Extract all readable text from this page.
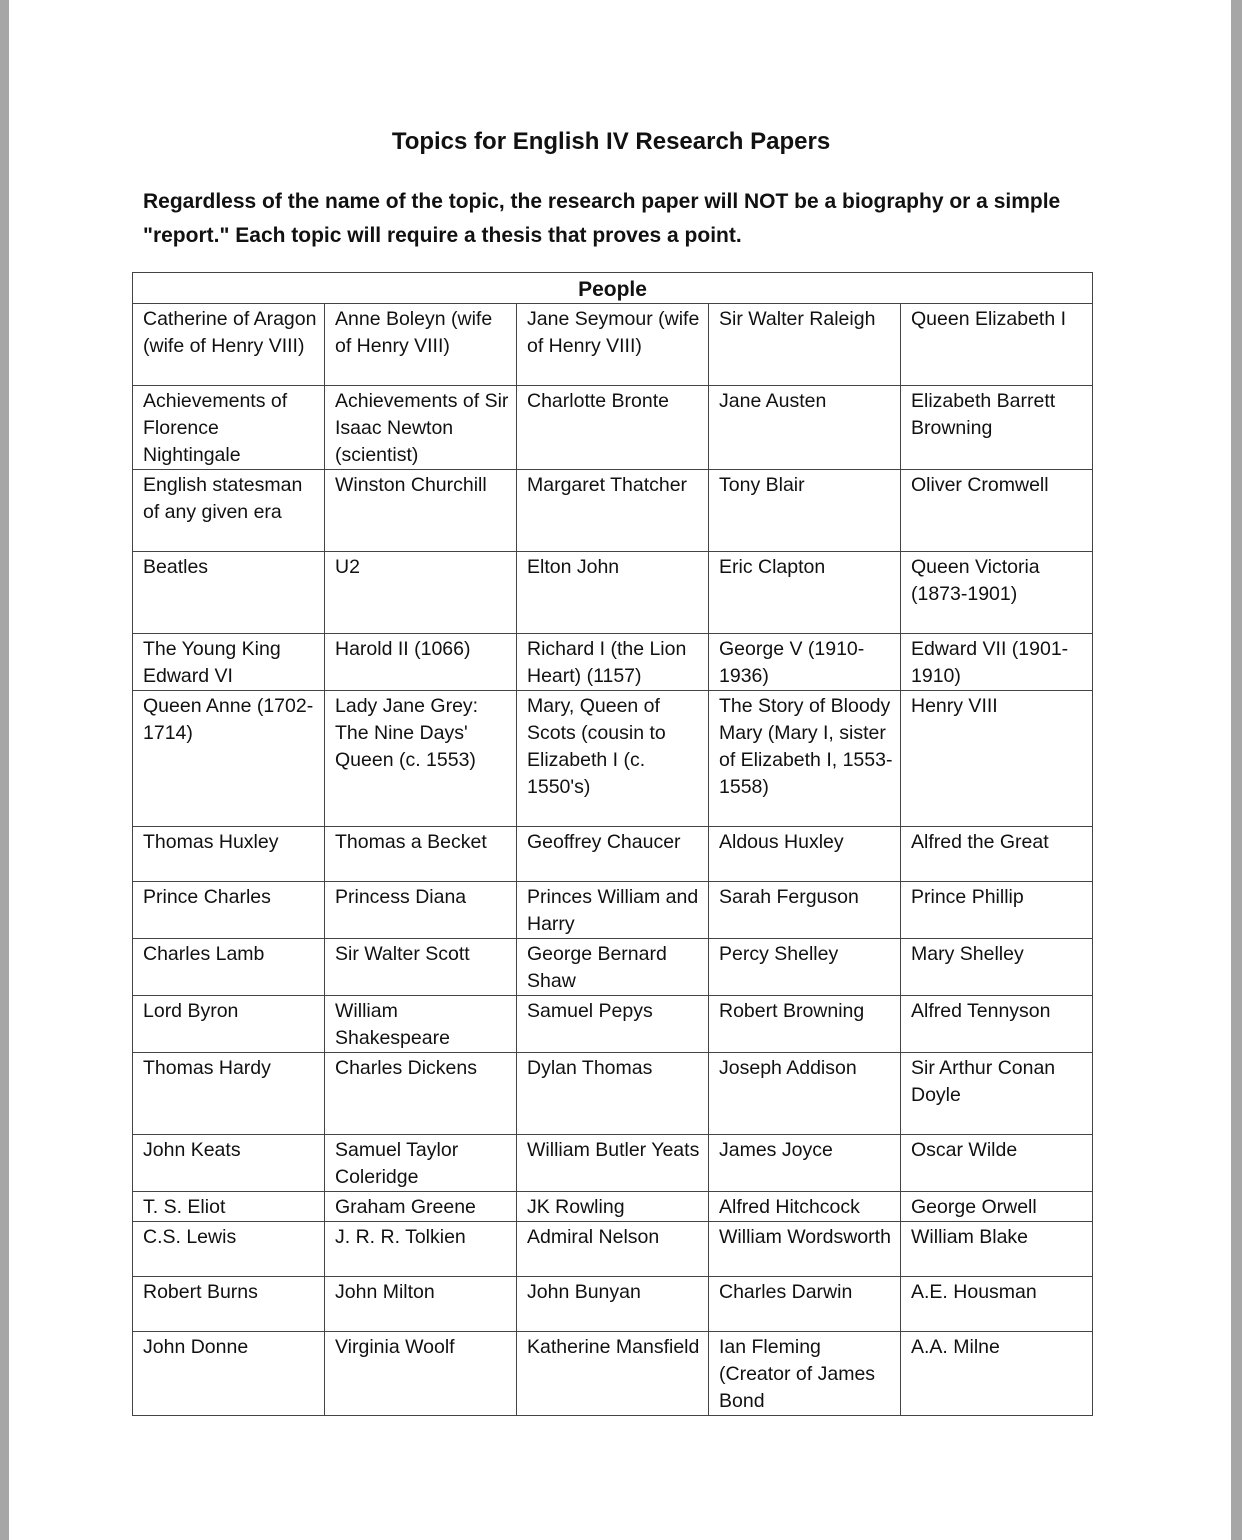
Topics for English IV Research Papers
Regardless of the name of the topic, the research paper will NOT be a biography or a simple "report." Each topic will require a thesis that proves a point.
People				
Catherine of Aragon (wife of Henry VIII)	Anne Boleyn (wife of Henry VIII)	Jane Seymour (wife of Henry VIII)	Sir Walter Raleigh	Queen Elizabeth I
Achievements of Florence Nightingale	Achievements of Sir Isaac Newton (scientist)	Charlotte Bronte	Jane Austen	Elizabeth Barrett Browning
English statesman of any given era	Winston Churchill	Margaret Thatcher	Tony Blair	Oliver Cromwell
Beatles	U2	Elton John	Eric Clapton	Queen Victoria (1873-1901)
The Young King Edward VI	Harold II (1066)	Richard I (the Lion Heart) (1157)	George V (1910-1936)	Edward VII (1901-1910)
Queen Anne (1702-1714)	Lady Jane Grey: The Nine Days' Queen (c. 1553)	Mary, Queen of Scots (cousin to Elizabeth I (c. 1550's)	The Story of Bloody Mary (Mary I, sister of Elizabeth I, 1553-1558)	Henry VIII
Thomas Huxley	Thomas a Becket	Geoffrey Chaucer	Aldous Huxley	Alfred the Great
Prince Charles	Princess Diana	Princes William and Harry	Sarah Ferguson	Prince Phillip
Charles Lamb	Sir Walter Scott	George Bernard Shaw	Percy Shelley	Mary Shelley
Lord Byron	William Shakespeare	Samuel Pepys	Robert Browning	Alfred Tennyson
Thomas Hardy	Charles Dickens	Dylan Thomas	Joseph Addison	Sir Arthur Conan Doyle
John Keats	Samuel Taylor Coleridge	William Butler Yeats	James Joyce	Oscar Wilde
T. S. Eliot	Graham Greene	JK Rowling	Alfred Hitchcock	George Orwell
C.S. Lewis	J. R. R. Tolkien	Admiral Nelson	William Wordsworth	William Blake
Robert Burns	John Milton	John Bunyan	Charles Darwin	A.E. Housman
John Donne	Virginia Woolf	Katherine Mansfield	Ian Fleming (Creator of James Bond	A.A. Milne
